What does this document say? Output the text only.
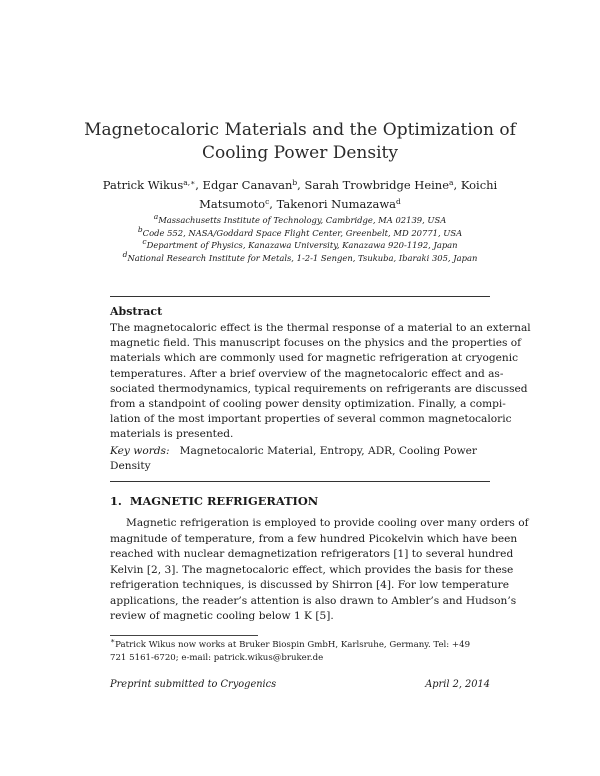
Magnetocaloric Materials and the Optimization of
Cooling Power Density
Patrick Wikus$^{a,∗}$, Edgar Canavan$^b$, Sarah Trowbridge Heine$^a$, Koichi
Matsumoto$^c$, Takenori Numazawa$^d$
$^a$Massachusetts Institute of Technology, Cambridge, MA 02139, USA
$^b$Code 552, NASA/Goddard Space Flight Center, Greenbelt, MD 20771, USA
$^c$Department of Physics, Kanazawa University, Kanazawa 920-1192, Japan
$^d$National Research Institute for Metals, 1-2-1 Sengen, Tsukuba, Ibaraki 305, Japan
Abstract
The magnetocaloric effect is the thermal response of a material to an external
magnetic field. This manuscript focuses on the physics and the properties of
materials which are commonly used for magnetic refrigeration at cryogenic
temperatures. After a brief overview of the magnetocaloric effect and as-
sociated thermodynamics, typical requirements on refrigerants are discussed
from a standpoint of cooling power density optimization. Finally, a compi-
lation of the most important properties of several common magnetocaloric
materials is presented.
Key words: Magnetocaloric Material, Entropy, ADR, Cooling Power
Density
1. MAGNETIC REFRIGERATION
Magnetic refrigeration is employed to provide cooling over many orders of
magnitude of temperature, from a few hundred Picokelvin which have been
reached with nuclear demagnetization refrigerators [1] to several hundred
Kelvin [2, 3]. The magnetocaloric effect, which provides the basis for these
refrigeration techniques, is discussed by Shirron [4]. For low temperature
applications, the reader’s attention is also drawn to Ambler’s and Hudson’s
review of magnetic cooling below 1 K [5].
∗Patrick Wikus now works at Bruker Biospin GmbH, Karlsruhe, Germany. Tel: +49
721 5161-6720; e-mail: patrick.wikus@bruker.de
Preprint submitted to Cryogenics	April 2, 2014
